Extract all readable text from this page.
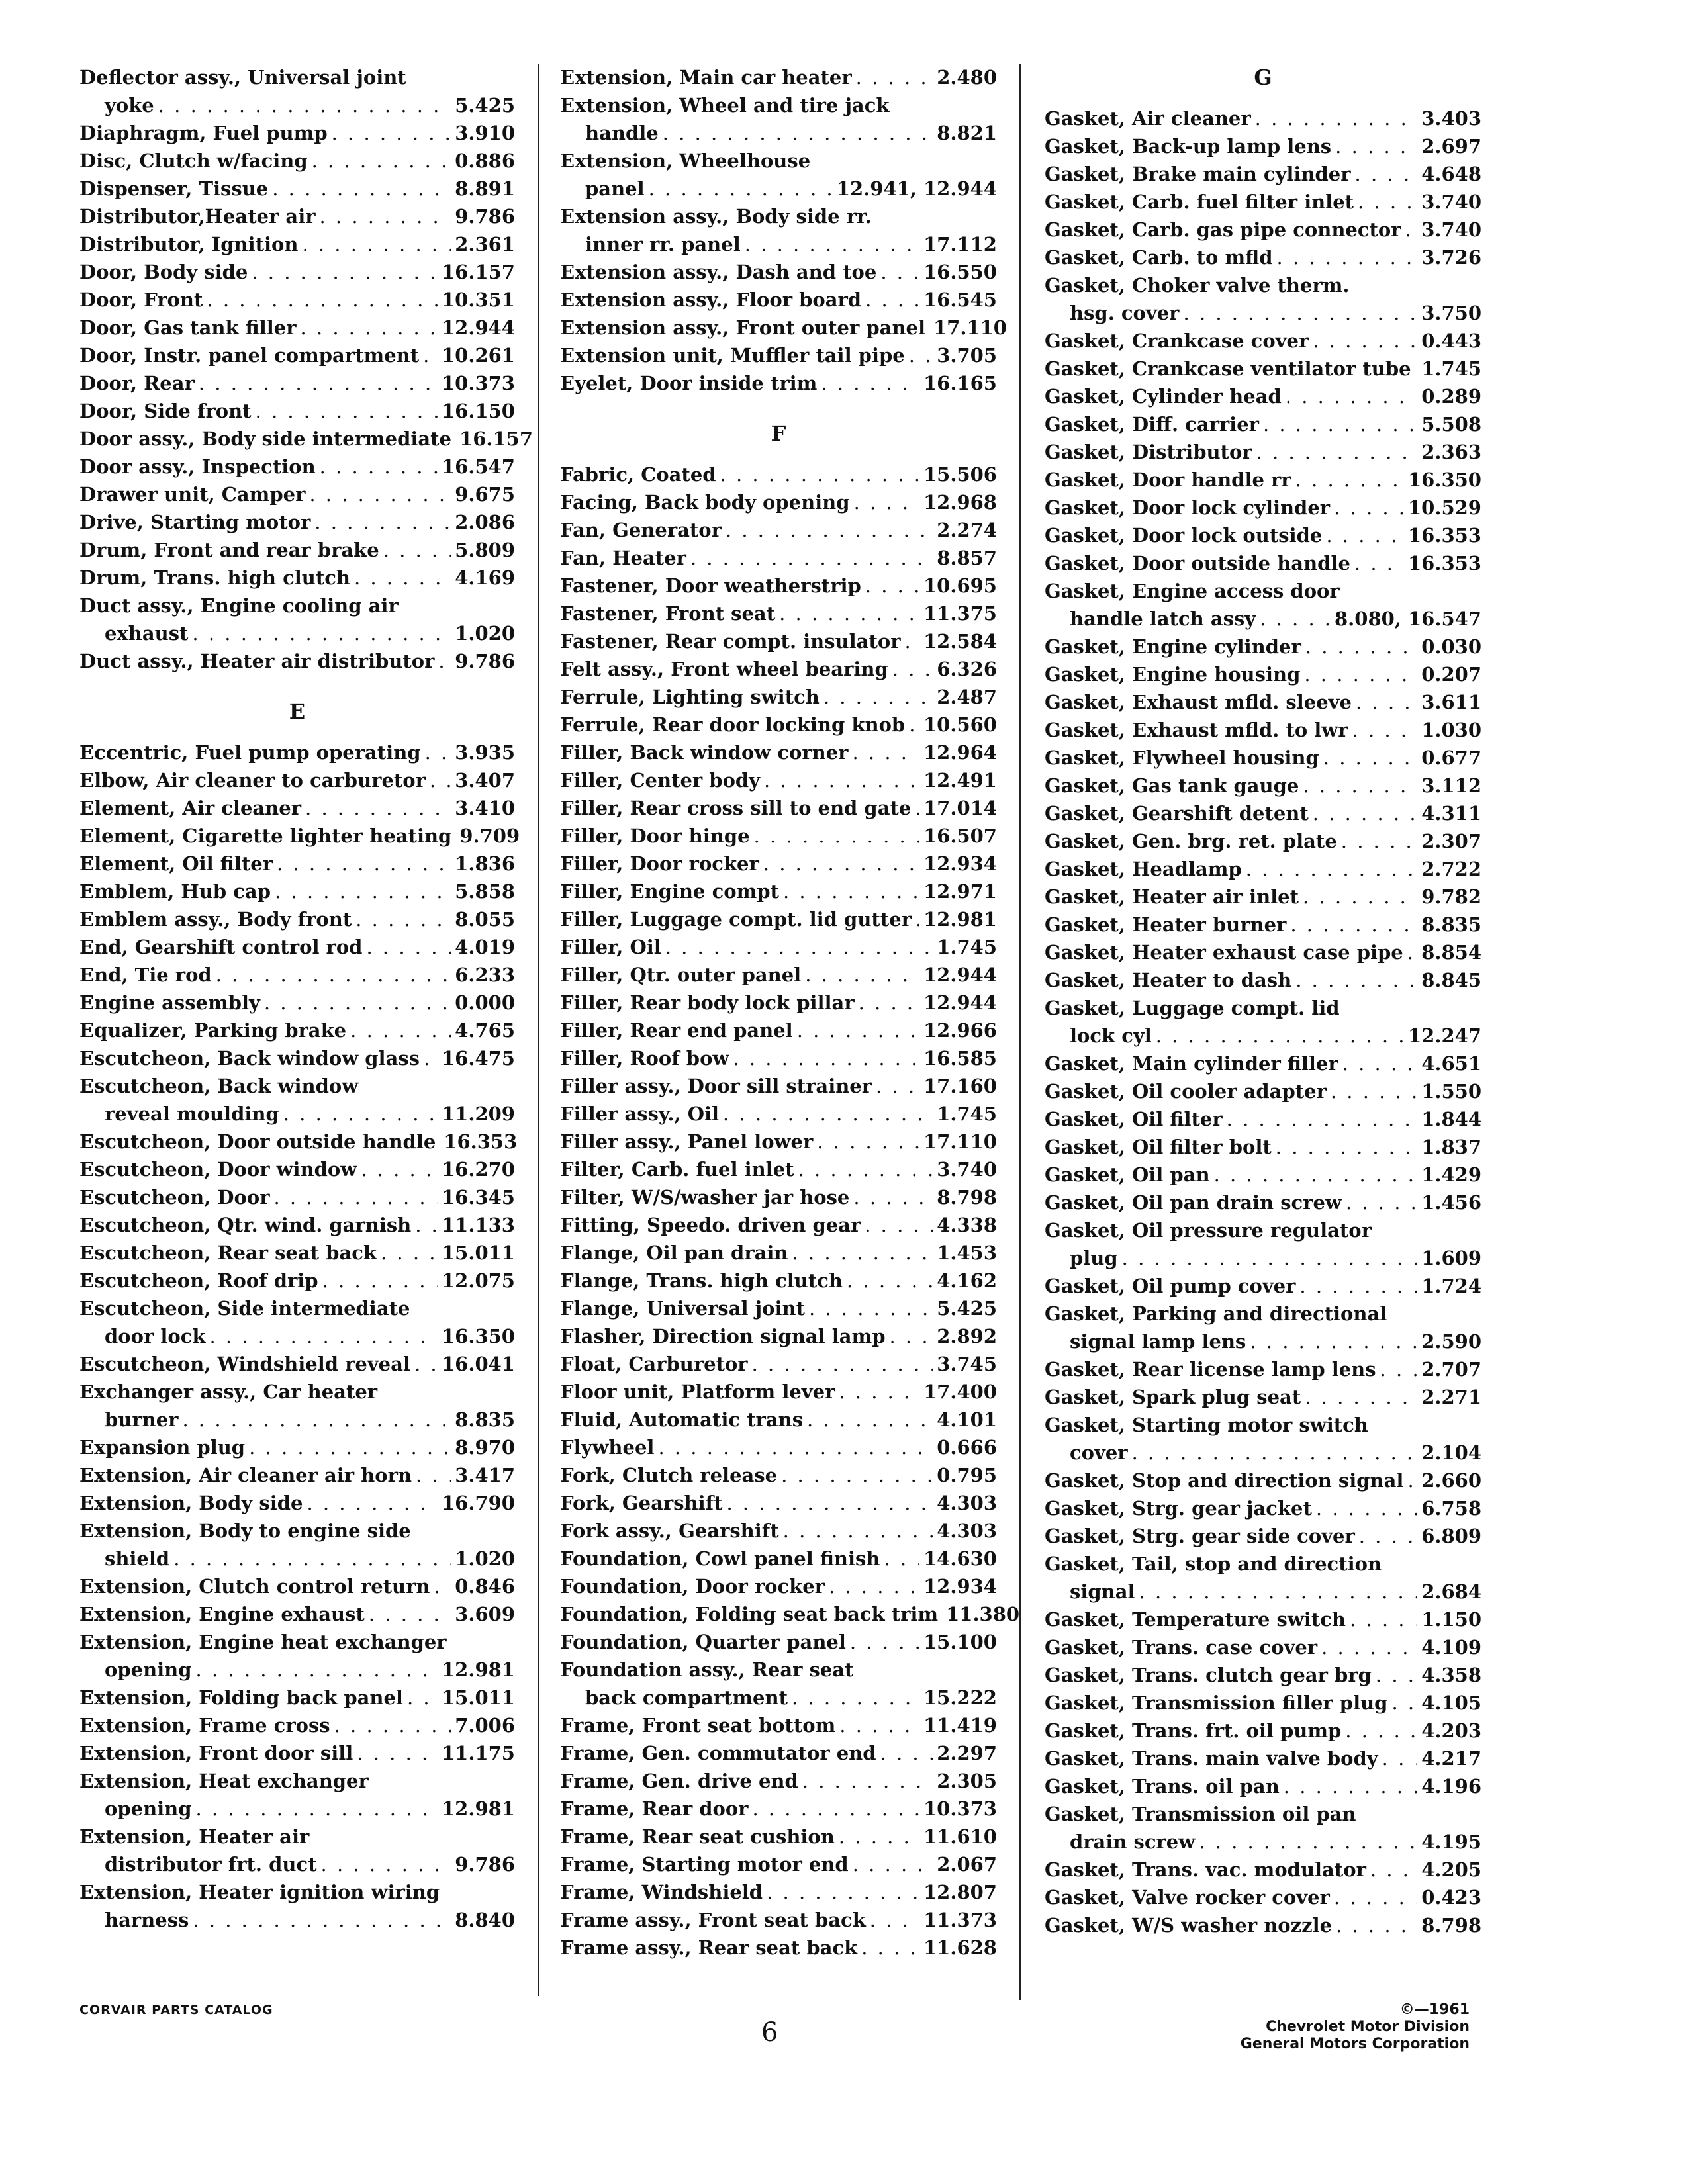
Deflector assy., Universal joint
yoke . . .	5.425
Diaphragm, Fuel pump . . .	3.910
Disc, Clutch w/facing . . .	0.886
Dispenser, Tissue . . .	8.891
Distributor,Heater air . . .	9.786
Distributor, Ignition . . .	2.361
Door, Body side . . .	16.157
Door, Front . . .	10.351
Door, Gas tank filler . . .	12.944
Door, Instr. panel compartment . . . 10.261
Door, Rear . . .	10.373
Door, Side front . . .	16.150
Door assy., Body side intermediate 16.157
Door assy., Inspection . . .	16.547
Drawer unit, Camper . . .	9.675
Drive, Starting motor . . .	2.086
Drum, Front and rear brake . . .	5.809
Drum, Trans. high clutch . . .	4.169
Duct assy., Engine cooling air
exhaust . . .	1.020
Duct assy., Heater air distributor . . . 9.786
E
Eccentric, Fuel pump operating . . . 3.935
Elbow, Air cleaner to carburetor . . . 3.407
Element, Air cleaner . . .	3.410
Element, Cigarette lighter heating 9.709
Element, Oil filter . . .	1.836
Emblem, Hub cap . . .	5.858
Emblem assy., Body front . . .	8.055
End, Gearshift control rod . . .	4.019
End, Tie rod . . .	6.233
Engine assembly . . .	0.000
Equalizer, Parking brake . . .	4.765
Escutcheon, Back window glass . . . 16.475
Escutcheon, Back window
reveal moulding . . .	11.209
Escutcheon, Door outside handle 16.353
Escutcheon, Door window . . .	16.270
Escutcheon, Door . . .	16.345
Escutcheon, Qtr. wind. garnish . . . 11.133
Escutcheon, Rear seat back . . .	15.011
Escutcheon, Roof drip . . .	12.075
Escutcheon, Side intermediate
door lock . . .	16.350
Escutcheon, Windshield reveal . . . 16.041
Exchanger assy., Car heater
burner . . .	8.835
Expansion plug . . .	8.970
Extension, Air cleaner air horn . . . 3.417
Extension, Body side . . .	16.790
Extension, Body to engine side
shield . . .	1.020
Extension, Clutch control return . . . 0.846
Extension, Engine exhaust . . .	3.609
Extension, Engine heat exchanger
opening . . .	12.981
Extension, Folding back panel . . . 15.011
Extension, Frame cross . . .	7.006
Extension, Front door sill . . .	11.175
Extension, Heat exchanger
opening . . .	12.981
Extension, Heater air
distributor frt. duct . . .	9.786
Extension, Heater ignition wiring
harness . . .	8.840
Extension, Main car heater . . .	2.480
Extension, Wheel and tire jack
handle . . .	8.821
Extension, Wheelhouse
panel . . .	12.941, 12.944
Extension assy., Body side rr.
inner rr. panel . . .	17.112
Extension assy., Dash and toe . . . 16.550
Extension assy., Floor board . . .	16.545
Extension assy., Front outer panel 17.110
Extension unit, Muffler tail pipe . . . 3.705
Eyelet, Door inside trim . . .	16.165
F
Fabric, Coated . . .	15.506
Facing, Back body opening . . .	12.968
Fan, Generator . . .	2.274
Fan, Heater . . .	8.857
Fastener, Door weatherstrip . . .	10.695
Fastener, Front seat . . .	11.375
Fastener, Rear compt. insulator . . . 12.584
Felt assy., Front wheel bearing . . .	6.326
Ferrule, Lighting switch . . .	2.487
Ferrule, Rear door locking knob . . . 10.560
Filler, Back window corner . . .	12.964
Filler, Center body . . .	12.491
Filler, Rear cross sill to end gate . . . 17.014
Filler, Door hinge . . .	16.507
Filler, Door rocker . . .	12.934
Filler, Engine compt . . .	12.971
Filler, Luggage compt. lid gutter . . . 12.981
Filler, Oil . . .	1.745
Filler, Qtr. outer panel . . .	12.944
Filler, Rear body lock pillar . . .	12.944
Filler, Rear end panel . . .	12.966
Filler, Roof bow . . .	16.585
Filler assy., Door sill strainer . . .	17.160
Filler assy., Oil . . .	1.745
Filler assy., Panel lower . . .	17.110
Filter, Carb. fuel inlet . . .	3.740
Filter, W/S/washer jar hose . . .	8.798
Fitting, Speedo. driven gear . . .	4.338
Flange, Oil pan drain . . .	1.453
Flange, Trans. high clutch . . .	4.162
Flange, Universal joint . . .	5.425
Flasher, Direction signal lamp . . .	2.892
Float, Carburetor . . .	3.745
Floor unit, Platform lever . . .	17.400
Fluid, Automatic trans . . .	4.101
Flywheel . . .	0.666
Fork, Clutch release . . .	0.795
Fork, Gearshift . . .	4.303
Fork assy., Gearshift . . .	4.303
Foundation, Cowl panel finish . . . 14.630
Foundation, Door rocker . . .	12.934
Foundation, Folding seat back trim 11.380
Foundation, Quarter panel . . .	15.100
Foundation assy., Rear seat
back compartment . . .	15.222
Frame, Front seat bottom . . .	11.419
Frame, Gen. commutator end . . .	2.297
Frame, Gen. drive end . . .	2.305
Frame, Rear door . . .	10.373
Frame, Rear seat cushion . . .	11.610
Frame, Starting motor end . . .	2.067
Frame, Windshield . . .	12.807
Frame assy., Front seat back . . .	11.373
Frame assy., Rear seat back . . .	11.628
G
Gasket, Air cleaner . . .	3.403
Gasket, Back-up lamp lens . . .	2.697
Gasket, Brake main cylinder . . .	4.648
Gasket, Carb. fuel filter inlet . . .	3.740
Gasket, Carb. gas pipe connector . . . 3.740
Gasket, Carb. to mfld . . .	3.726
Gasket, Choker valve therm.
hsg. cover . . .	3.750
Gasket, Crankcase cover . . .	0.443
Gasket, Crankcase ventilator tube . . . 1.745
Gasket, Cylinder head . . .	0.289
Gasket, Diff. carrier . . .	5.508
Gasket, Distributor . . .	2.363
Gasket, Door handle rr . . .	16.350
Gasket, Door lock cylinder . . .	10.529
Gasket, Door lock outside . . .	16.353
Gasket, Door outside handle . . .	16.353
Gasket, Engine access door
handle latch assy . . .	8.080, 16.547
Gasket, Engine cylinder . . .	0.030
Gasket, Engine housing . . .	0.207
Gasket, Exhaust mfld. sleeve . . .	3.611
Gasket, Exhaust mfld. to lwr . . .	1.030
Gasket, Flywheel housing . . .	0.677
Gasket, Gas tank gauge . . .	3.112
Gasket, Gearshift detent . . .	4.311
Gasket, Gen. brg. ret. plate . . .	2.307
Gasket, Headlamp . . .	2.722
Gasket, Heater air inlet . . .	9.782
Gasket, Heater burner . . .	8.835
Gasket, Heater exhaust case pipe . . . 8.854
Gasket, Heater to dash . . .	8.845
Gasket, Luggage compt. lid
lock cyl . . .	12.247
Gasket, Main cylinder filler . . .	4.651
Gasket, Oil cooler adapter . . .	1.550
Gasket, Oil filter . . .	1.844
Gasket, Oil filter bolt . . .	1.837
Gasket, Oil pan . . .	1.429
Gasket, Oil pan drain screw . . .	1.456
Gasket, Oil pressure regulator
plug . . .	1.609
Gasket, Oil pump cover . . .	1.724
Gasket, Parking and directional
signal lamp lens . . .	2.590
Gasket, Rear license lamp lens . . . 2.707
Gasket, Spark plug seat . . .	2.271
Gasket, Starting motor switch
cover . . .	2.104
Gasket, Stop and direction signal . . . 2.660
Gasket, Strg. gear jacket . . .	6.758
Gasket, Strg. gear side cover . . .	6.809
Gasket, Tail, stop and direction
signal . . .	2.684
Gasket, Temperature switch . . .	1.150
Gasket, Trans. case cover . . .	4.109
Gasket, Trans. clutch gear brg . . .	4.358
Gasket, Transmission filler plug . . . 4.105
Gasket, Trans. frt. oil pump . . .	4.203
Gasket, Trans. main valve body . . . 4.217
Gasket, Trans. oil pan . . .	4.196
Gasket, Transmission oil pan
drain screw . . .	4.195
Gasket, Trans. vac. modulator . . .	4.205
Gasket, Valve rocker cover . . .	0.423
Gasket, W/S washer nozzle . . .	8.798
CORVAIR PARTS CATALOG
6
©—1961
Chevrolet Motor Division
General Motors Corporation
